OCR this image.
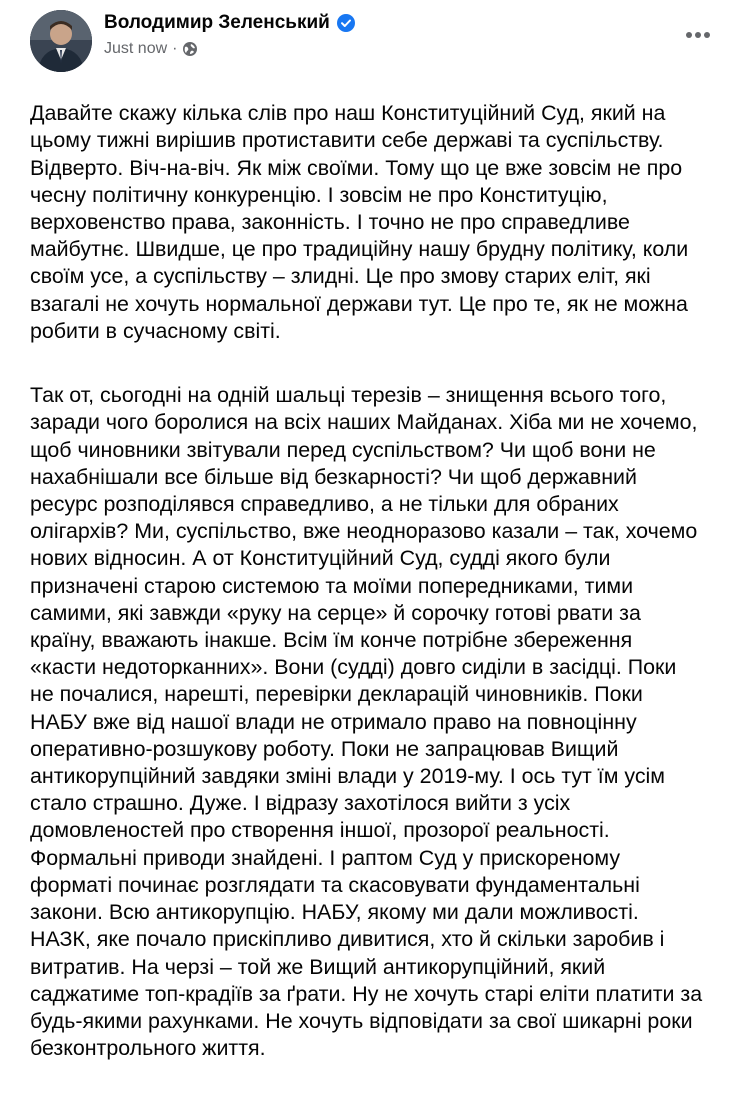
Володимир Зеленський
Just now ·

Давайте скажу кілька слів про наш Конституційний Суд, який на
цьому тижні вирішив протиставити себе державі та суспільству.
Відверто. Віч-на-віч. Як між своїми. Тому що це вже зовсім не про
чесну політичну конкуренцію. І зовсім не про Конституцію,
верховенство права, законність. І точно не про справедливе
майбутнє. Швидше, це про традиційну нашу брудну політику, коли
своїм усе, а суспільству – злидні. Це про змову старих еліт, які
взагалі не хочуть нормальної держави тут. Це про те, як не можна
робити в сучасному світі.

Так от, сьогодні на одній шальці терезів – знищення всього того,
заради чого боролися на всіх наших Майданах. Хіба ми не хочемо,
щоб чиновники звітували перед суспільством? Чи щоб вони не
нахабнішали все більше від безкарності? Чи щоб державний
ресурс розподілявся справедливо, а не тільки для обраних
олігархів? Ми, суспільство, вже неодноразово казали – так, хочемо
нових відносин. А от Конституційний Суд, судді якого були
призначені старою системою та моїми попередниками, тими
самими, які завжди «руку на серце» й сорочку готові рвати за
країну, вважають інакше. Всім їм конче потрібне збереження
«касти недоторканних». Вони (судді) довго сиділи в засідці. Поки
не почалися, нарешті, перевірки декларацій чиновників. Поки
НАБУ вже від нашої влади не отримало право на повноцінну
оперативно-розшукову роботу. Поки не запрацював Вищий
антикорупційний завдяки зміні влади у 2019-му. І ось тут їм усім
стало страшно. Дуже. І відразу захотілося вийти з усіх
домовленостей про створення іншої, прозорої реальності.
Формальні приводи знайдені. І раптом Суд у прискореному
форматі починає розглядати та скасовувати фундаментальні
закони. Всю антикорупцію. НАБУ, якому ми дали можливості.
НАЗК, яке почало прискіпливо дивитися, хто й скільки заробив і
витратив. На черзі – той же Вищий антикорупційний, який
саджатиме топ-крадіїв за ґрати. Ну не хочуть старі еліти платити за
будь-якими рахунками. Не хочуть відповідати за свої шикарні роки
безконтрольного життя.
